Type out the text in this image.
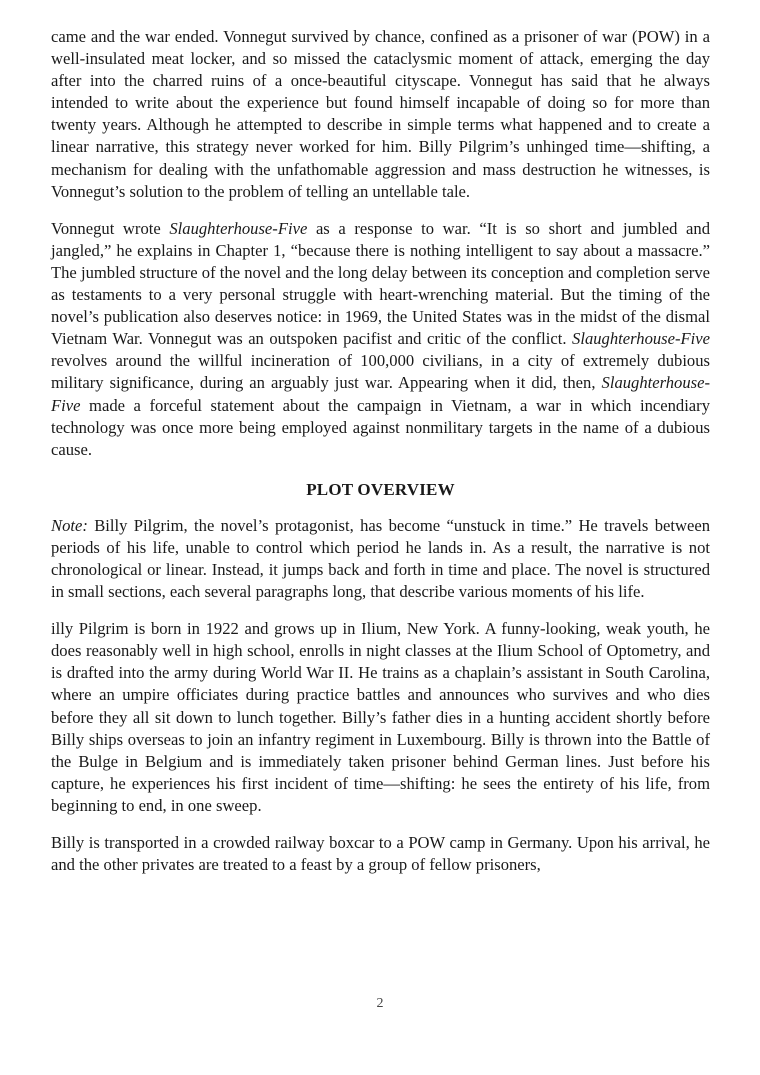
came and the war ended. Vonnegut survived by chance, confined as a prisoner of war (POW) in a well-insulated meat locker, and so missed the cataclysmic moment of attack, emerging the day after into the charred ruins of a once-beautiful cityscape. Vonnegut has said that he always intended to write about the experience but found himself incapable of doing so for more than twenty years. Although he attempted to describe in simple terms what happened and to create a linear narrative, this strategy never worked for him. Billy Pilgrim’s unhinged time—shifting, a mechanism for dealing with the unfathomable aggression and mass destruction he witnesses, is Vonnegut’s solution to the problem of telling an untellable tale.

Vonnegut wrote Slaughterhouse-Five as a response to war. “It is so short and jumbled and jangled,” he explains in Chapter 1, “because there is nothing intelligent to say about a massacre.” The jumbled structure of the novel and the long delay between its conception and completion serve as testaments to a very personal struggle with heart-wrenching material. But the timing of the novel’s publication also deserves notice: in 1969, the United States was in the midst of the dismal Vietnam War. Vonnegut was an outspoken pacifist and critic of the conflict. Slaughterhouse-Five revolves around the willful incineration of 100,000 civilians, in a city of extremely dubious military significance, during an arguably just war. Appearing when it did, then, Slaughterhouse-Five made a forceful statement about the campaign in Vietnam, a war in which incendiary technology was once more being employed against nonmilitary targets in the name of a dubious cause.

PLOT OVERVIEW

Note: Billy Pilgrim, the novel’s protagonist, has become “unstuck in time.” He travels between periods of his life, unable to control which period he lands in. As a result, the narrative is not chronological or linear. Instead, it jumps back and forth in time and place. The novel is structured in small sections, each several paragraphs long, that describe various moments of his life.

illy Pilgrim is born in 1922 and grows up in Ilium, New York. A funny-looking, weak youth, he does reasonably well in high school, enrolls in night classes at the Ilium School of Optometry, and is drafted into the army during World War II. He trains as a chaplain’s assistant in South Carolina, where an umpire officiates during practice battles and announces who survives and who dies before they all sit down to lunch together. Billy’s father dies in a hunting accident shortly before Billy ships overseas to join an infantry regiment in Luxembourg. Billy is thrown into the Battle of the Bulge in Belgium and is immediately taken prisoner behind German lines. Just before his capture, he experiences his first incident of time—shifting: he sees the entirety of his life, from beginning to end, in one sweep.

Billy is transported in a crowded railway boxcar to a POW camp in Germany. Upon his arrival, he and the other privates are treated to a feast by a group of fellow prisoners,

2
